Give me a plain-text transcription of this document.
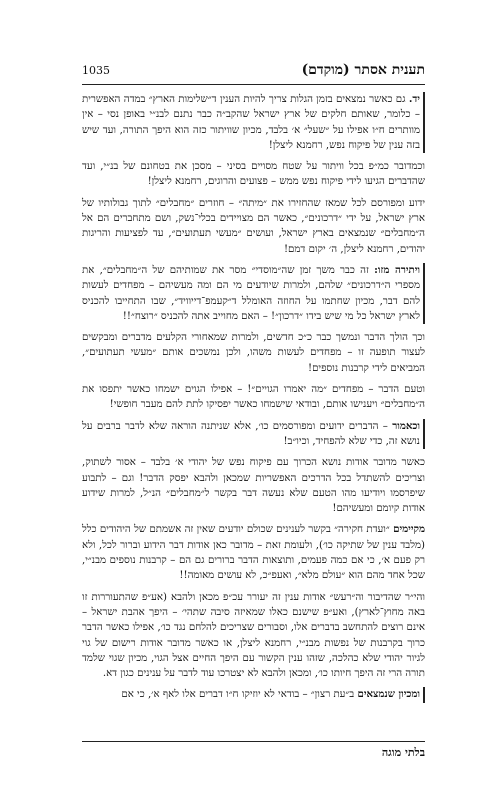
תענית אסתר (מוקדם)
1035

יד. גם כאשר נמצאים בזמן הגלות צריך להיות הענין ד״שלימות הארץ״ במדה האפשרית – כלומר, שאותם חלקים של ארץ ישראל שהקב״ה כבר נתנם לבנ״י באופן נסי – אין מוותרים ח״ו אפילו על ״שעל״ א׳ בלבד, מכיון שוויתור כזה הוא היפך התורה, ועד שיש בזה ענין של פיקוח נפש, רחמנא ליצלן!

וכמדובר כמ״פ בכל וויתור על שטח מסויים בסיני – מסכן את בטחונם של בנ״י, ועד שהדברים הגיעו לידי פיקוח נפש ממש – פצועים והרוגים, רחמנא ליצלן!

ידוע ומפורסם לכל שמאז שהחזירו את ״מיתה״ – חוזרים ״מחבלים״ לתוך גבולותיו של ארץ ישראל, על ידי ״דרכונים״, כאשר הם מצויידים בכלי־נשק, ושם מתחברים הם אל ה״מחבלים״ שנמצאים בארץ ישראל, ועושים ״מעשי תעתועים״, עד לפציעות והריגות יהודים, רחמנא ליצלן, ה׳ יקום דמם!

ויתירה מזו: זה כבר משך זמן שה״מוסדי״ מסר את שמותיהם של ה״מחבלים״, את מספרי ה״דרכונים״ שלהם, ולמרות שיודעים מי הם ומה מעשיהם – מפחדים לעשות להם דבר, מכיון שחתמו על החוזה האומלל ד״קעמפ־דייוויד״, שבו התחייבו להכניס לארץ ישראל כל מי שיש בידו ״דרכון״! – האם מחוייב אתה להכניס ״רוצח״!!

וכך הולך הדבר ונמשך כבר כ״כ חדשים, ולמרות שמאחורי הקלעים מדברים ומבקשים לעצור תופעה זו – מפחדים לעשות משהו, ולכן נמשכים אותם ״מעשי תעתועים״, המביאים לידי קרבנות נוספים!

וטעם הדבר – מפחדים ״מה יאמרו הגויים״! – אפילו הגוים ישמחו כאשר יתפסו את ה״מחבלים״ ויענישו אותם, ובודאי שישמחו כאשר יפסיקו לתת להם מעבר חופשי!

וכאמור – הדברים ידועים ומפורסמים כו׳, אלא שניתנה הוראה שלא לדבר ברבים על נושא זה, כדי שלא להפחיד, וכיו״ב!

כאשר מדובר אודות נושא הכרוך עם פיקוח נפש של יהודי א׳ בלבד – אסור לשתוק, וצריכים להשתדל בכל הדרכים האפשריות שמכאן ולהבא יפסק הדבר! וגם – לתבוע שיפרסמו ויודיעו מהו הטעם שלא נעשה דבר בקשר ל״מחבלים״ הנ״ל, למרות שידוע אודות קיומם ומעשיהם!

מקיימים ״ועדת חקירה״ בקשר לענינים שכולם יודעים שאין זה אשמתם של היהודים כלל (מלבד ענין של שתיקה כו׳), ולעומת זאת – מדובר כאן אודות דבר הידוע וברור לכל, ולא רק פעם א׳, כי אם כמה פעמים, ותוצאות הדבר ברורים גם הם – קרבנות נוספים מבנ״י, שכל אחד מהם הוא ״עולם מלא״, ואעפ״כ, לא עושים מאומה!!

והי״ר שהדיבור וה״רעש״ אודות ענין זה יעורר עכ״פ מכאן ולהבא (אע״פ שהתעוררות זו באה מחוץ־לארץ), ואע״פ שישנם כאלו שמאיזה סיבה שתהי׳ – היפך אהבת ישראל – אינם רוצים להתחשב בדברים אלו, וסבורים שצריכים להלחם נגד כו׳, אפילו כאשר הדבר כרוך בקרבנות של נפשות מבנ״י, רחמנא ליצלן, או כאשר מדובר אודות רישום של גוי לגיור יהודי שלא כהלכה, שזהו ענין הקשור עם היפך החיים אצל הגוי, מכיון שגוי שלמד תורה הרי זה היפך חיותו כו׳, ומכאן ולהבא לא יצטרכו עוד לדבר על ענינים כגון דא.

ומכיון שנמצאים ב״עת רצון״ – בודאי לא יוזיקו ח״ו דברים אלו לאף א׳, כי אם

בלתי מוגה
